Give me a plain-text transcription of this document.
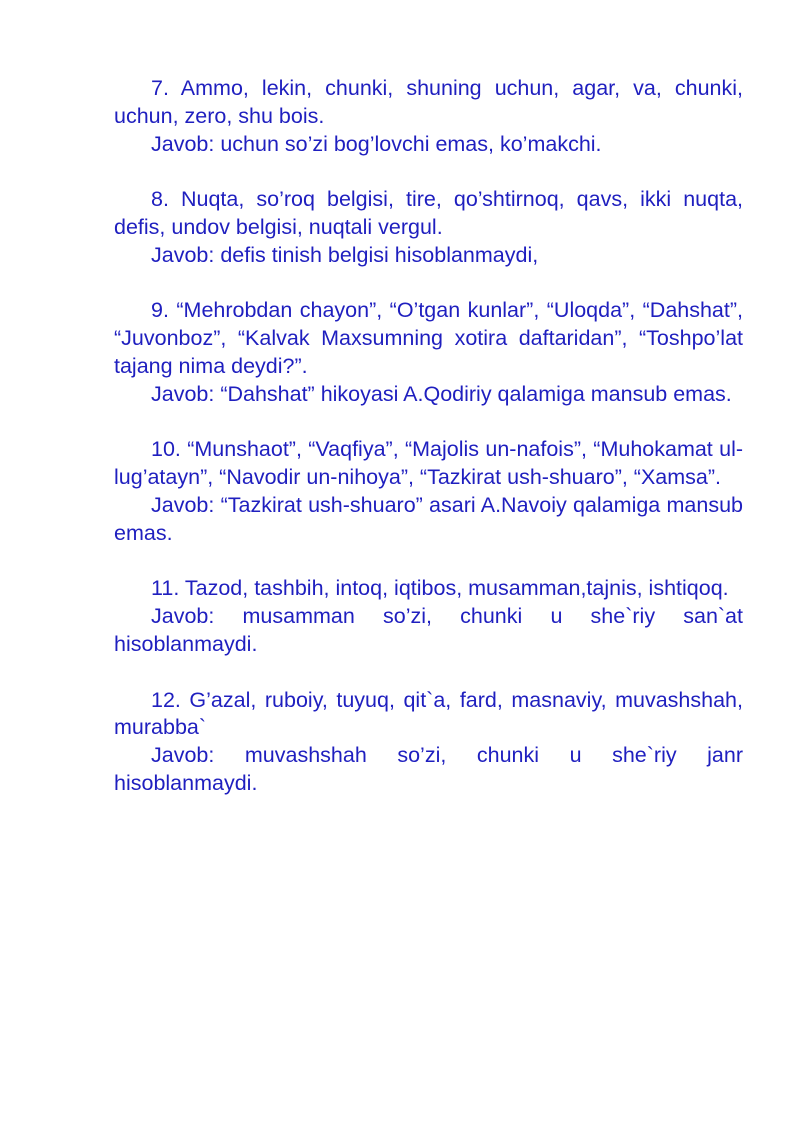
7. Ammo, lekin, chunki, shuning uchun, agar, va, chunki, uchun, zero, shu bois.

Javob: uchun so’zi bog’lovchi emas, ko’makchi.

8. Nuqta, so’roq belgisi, tire, qo’shtirnoq, qavs, ikki nuqta, defis, undov belgisi, nuqtali vergul.

Javob: defis tinish belgisi hisoblanmaydi,

9. “Mehrobdan chayon”, “O’tgan kunlar”, “Uloqda”, “Dahshat”, “Juvonboz”, “Kalvak Maxsumning xotira daftaridan”, “Toshpo’lat tajang nima deydi?”.

Javob: “Dahshat” hikoyasi A.Qodiriy qalamiga mansub emas.

10. “Munshaot”, “Vaqfiya”, “Majolis un-nafois”, “Muhokamat ul-lug’atayn”, “Navodir un-nihoya”, “Tazkirat ush-shuaro”, “Xamsa”.

Javob: “Tazkirat ush-shuaro” asari A.Navoiy qalamiga mansub emas.

11. Tazod, tashbih, intoq, iqtibos, musamman,tajnis, ishtiqoq.

Javob: musamman so’zi, chunki u she`riy san`at hisoblanmaydi.

12. G’azal, ruboiy, tuyuq, qit`a, fard, masnaviy, muvashshah, murabba`

Javob: muvashshah so’zi, chunki u she`riy janr hisoblanmaydi.
